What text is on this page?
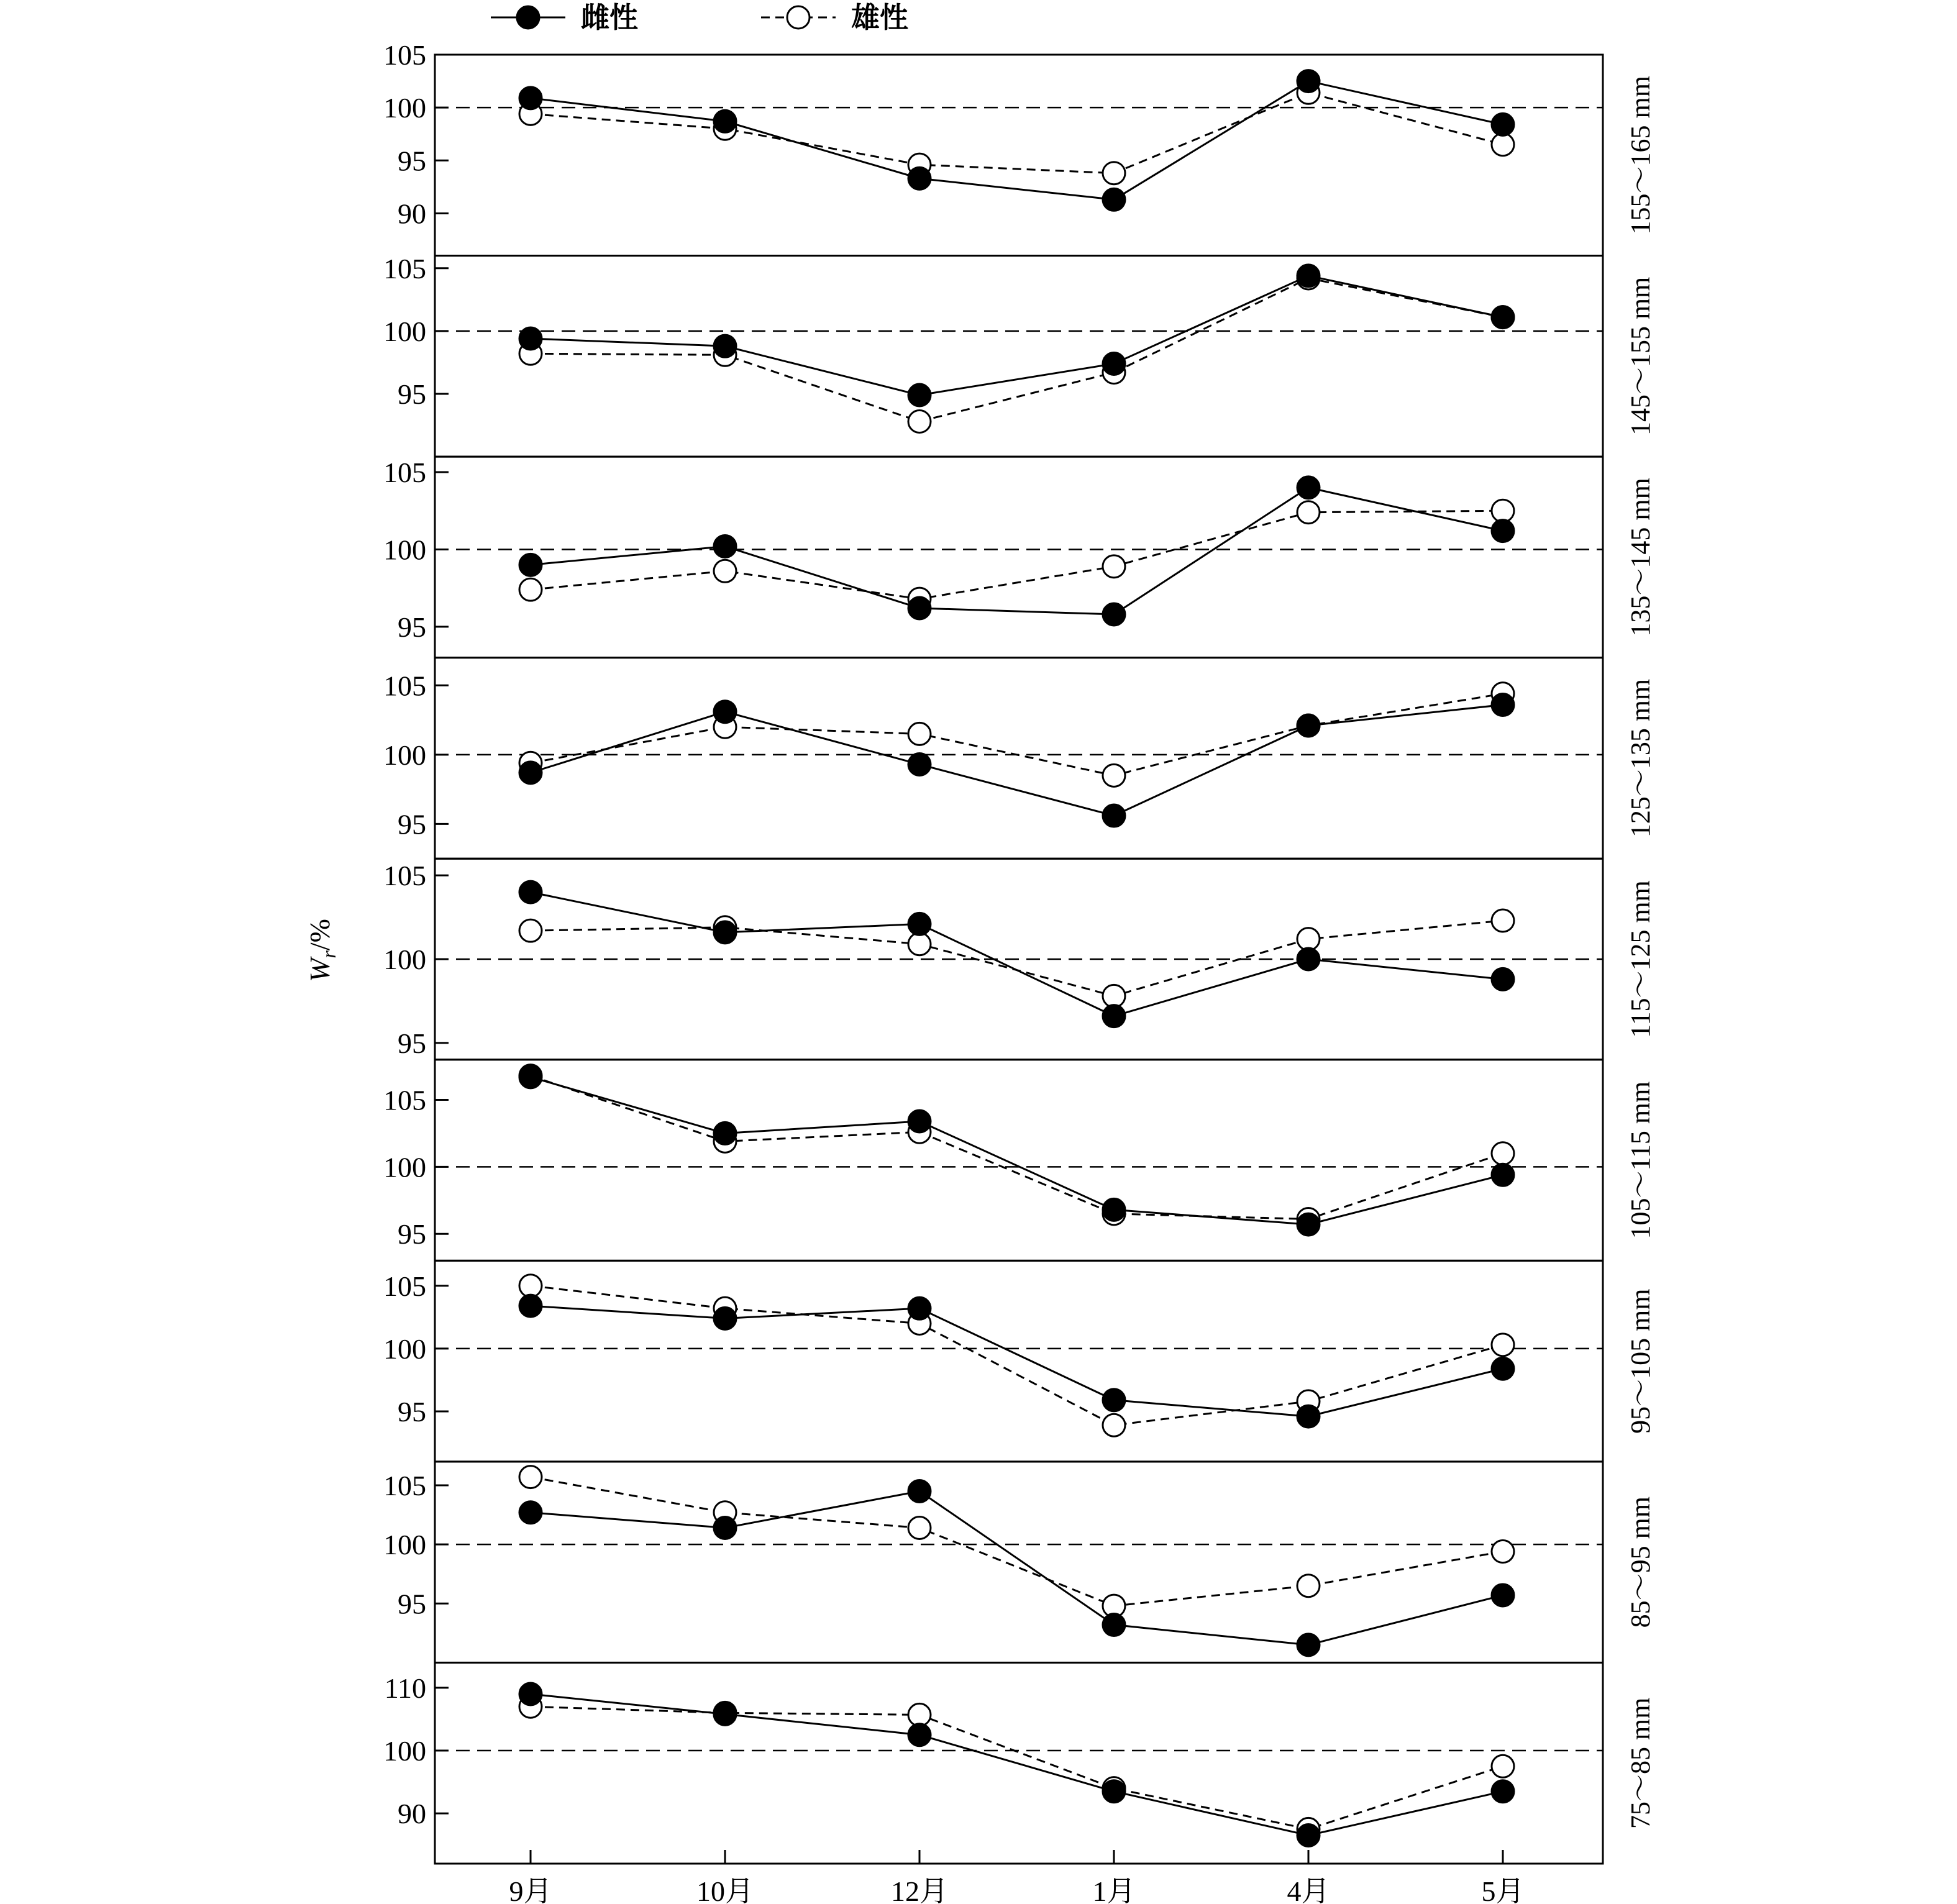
雌性	雄性
90
95
100
105
155～165 mm
95
100
105
145～155 mm
95
100
105
135～145 mm
95
100
105	125～135 mm
95
100
105
115～125 mm
95
100
105	105～115 mm
95
100
105
95～105 mm
95
100
105
85～95 mm
90
100
110
75～85 mm
9月	10月	12月	1月	4月	5月
$W_r/\%$
